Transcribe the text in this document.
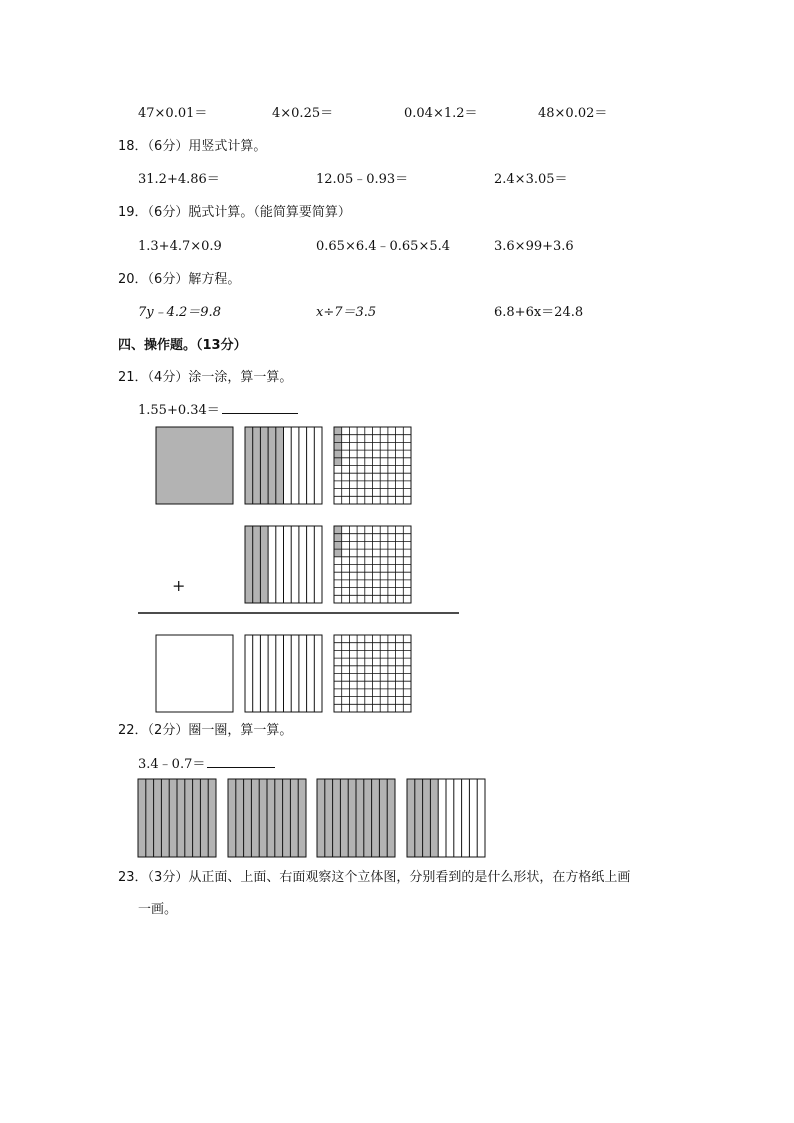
47×0.01＝	4×0.25＝	0.04×1.2＝	48×0.02＝
18．（6分）用竖式计算。
31.2+4.86＝	12.05﹣0.93＝	2.4×3.05＝
19．（6分）脱式计算。（能简算要简算）
1.3+4.7×0.9	0.65×6.4﹣0.65×5.4	3.6×99+3.6
20．（6分）解方程。
7y﹣4.2＝9.8	x÷7＝3.5	6.8+6x＝24.8
四、操作题。（13分）
21．（4分）涂一涂，算一算。
1.55+0.34＝
+
22．（2分）圈一圈，算一算。
3.4﹣0.7＝
23．（3分）从正面、上面、右面观察这个立体图，分别看到的是什么形状，在方格纸上画
一画。
